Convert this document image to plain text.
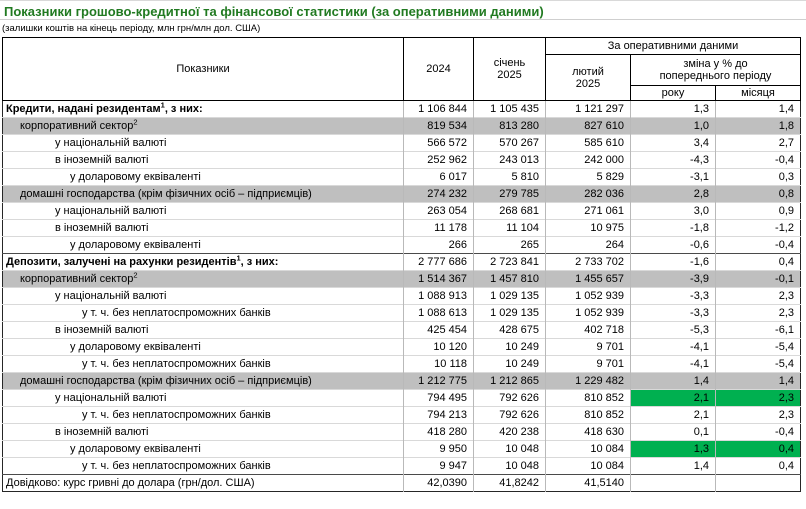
Показники грошово-кредитної та фінансової статистики (за оперативними даними)
(залишки коштів на кінець періоду, млн грн/млн дол. США)
Показники	2024	січень 2025	За оперативними даними		

			лютий 2025	зміна у % до попереднього періоду	

				року	місяця
Кредити, надані резидентам$^1$, з них:	1 106 844	1 105 435	1 121 297	1,3	1,4
корпоративний сектор$^2$	819 534	813 280	827 610	1,0	1,8
у національній валюті	566 572	570 267	585 610	3,4	2,7
в іноземній валюті	252 962	243 013	242 000	-4,3	-0,4
у доларовому еквіваленті	6 017	5 810	5 829	-3,1	0,3
домашні господарства (крім фізичних осіб – підприємців)	274 232	279 785	282 036	2,8	0,8
у національній валюті	263 054	268 681	271 061	3,0	0,9
в іноземній валюті	11 178	11 104	10 975	-1,8	-1,2
у доларовому еквіваленті	266	265	264	-0,6	-0,4
Депозити, залучені на рахунки резидентів$^1$, з них:	2 777 686	2 723 841	2 733 702	-1,6	0,4
корпоративний сектор$^2$	1 514 367	1 457 810	1 455 657	-3,9	-0,1
у національній валюті	1 088 913	1 029 135	1 052 939	-3,3	2,3
у т. ч. без неплатоспроможних банків	1 088 613	1 029 135	1 052 939	-3,3	2,3
в іноземній валюті	425 454	428 675	402 718	-5,3	-6,1
у доларовому еквіваленті	10 120	10 249	9 701	-4,1	-5,4
у т. ч. без неплатоспроможних банків	10 118	10 249	9 701	-4,1	-5,4
домашні господарства (крім фізичних осіб – підприємців)	1 212 775	1 212 865	1 229 482	1,4	1,4
у національній валюті	794 495	792 626	810 852	2,1	2,3
у т. ч. без неплатоспроможних банків	794 213	792 626	810 852	2,1	2,3
в іноземній валюті	418 280	420 238	418 630	0,1	-0,4
у доларовому еквіваленті	9 950	10 048	10 084	1,3	0,4
у т. ч. без неплатоспроможних банків	9 947	10 048	10 084	1,4	0,4
Довідково: курс гривні до долара (грн/дол. США)	42,0390	41,8242	41,5140		
